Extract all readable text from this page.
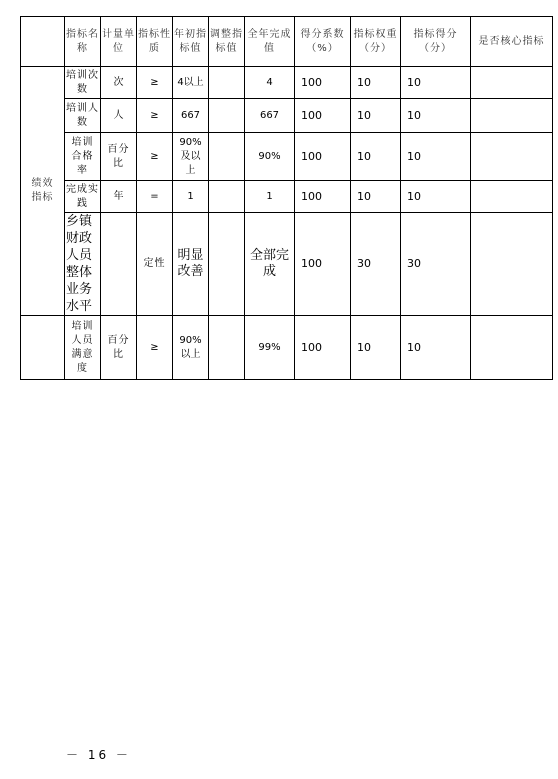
	指标名称	计量单位	指标性质	年初指标值	调整指标值	全年完成值	得分系数（%）	指标权重（分）	指标得分（分）	是否核心指标
绩效指标	培训次数	次	≥	4以上		4	100	10	10	
	培训人数	人	≥	667		667	100	10	10	
	培训合格率	百分比	≥	90%及以上		90%	100	10	10	
	完成实践	年	=	1		1	100	10	10	
	乡镇财政人员整体业务水平		定性	明显改善		全部完成	100	30	30	
	培训人员满意度	百分比	≥	90%以上		99%	100	10	10	
－ 16 －
